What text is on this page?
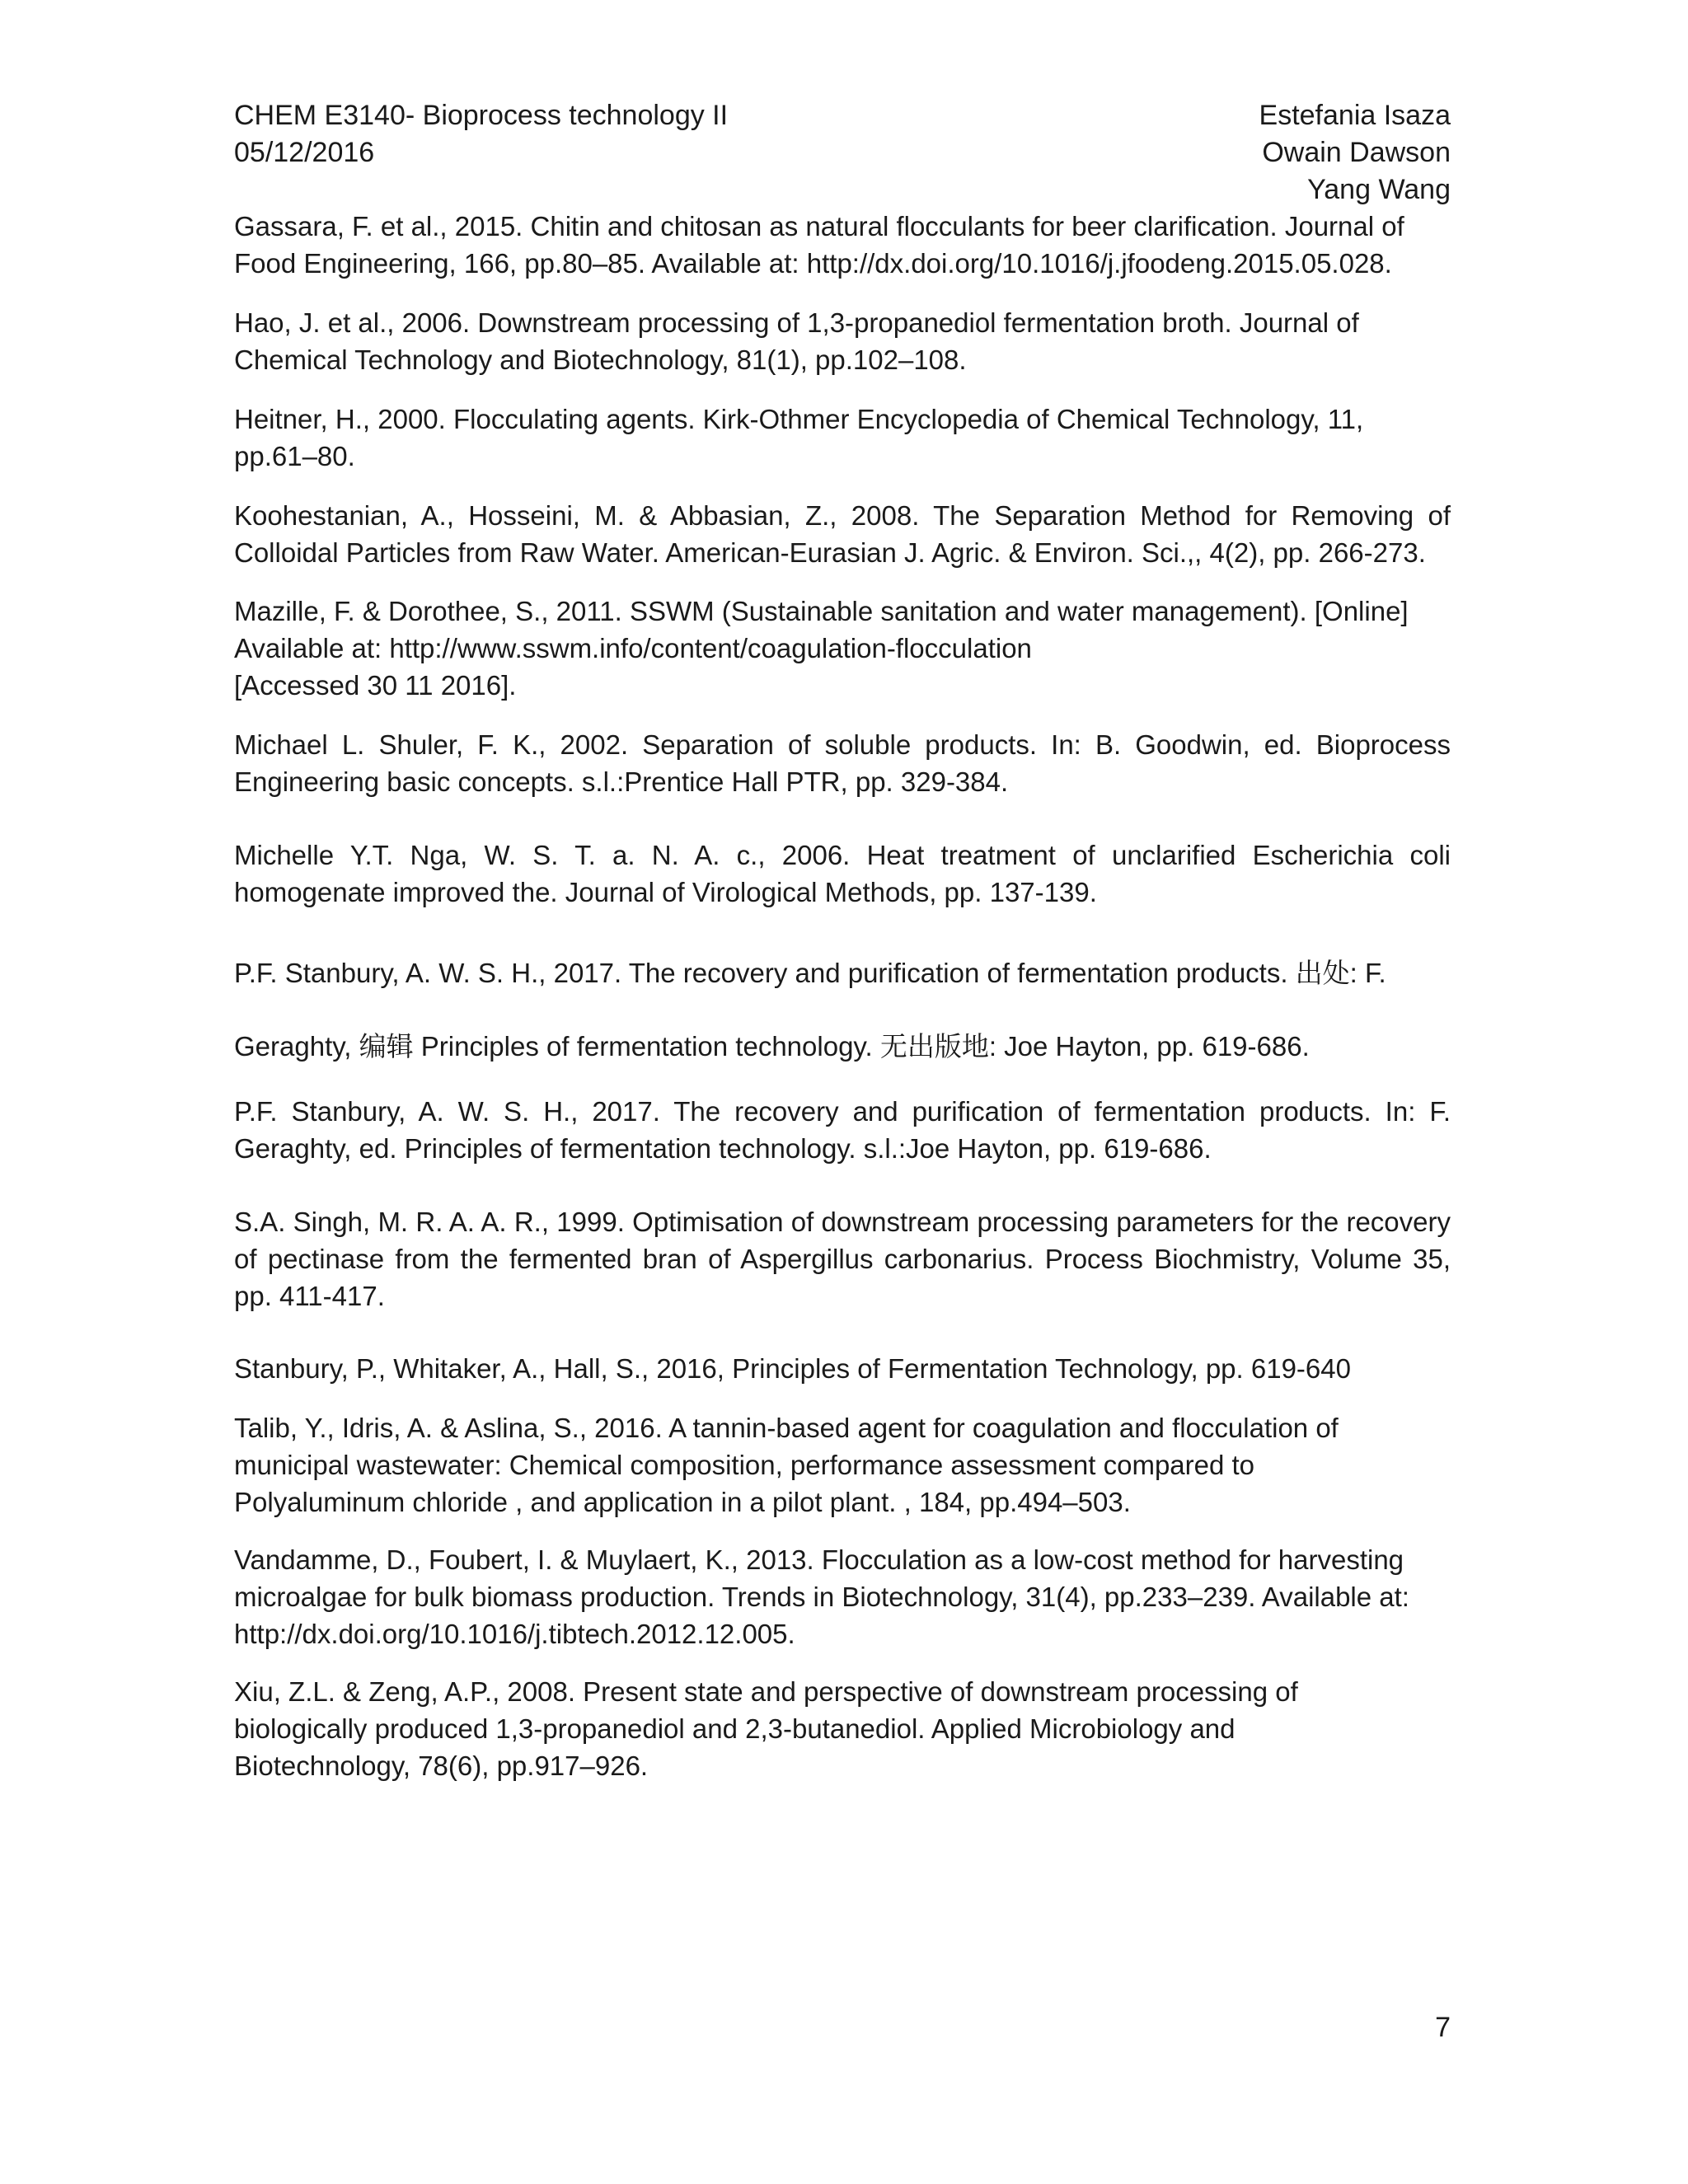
CHEM E3140- Bioprocess technology II
05/12/2016
Estefania Isaza
Owain Dawson
Yang Wang

Gassara, F. et al., 2015. Chitin and chitosan as natural flocculants for beer clarification. Journal of
Food Engineering, 166, pp.80–85. Available at: http://dx.doi.org/10.1016/j.jfoodeng.2015.05.028.

Hao, J. et al., 2006. Downstream processing of 1,3-propanediol fermentation broth. Journal of
Chemical Technology and Biotechnology, 81(1), pp.102–108.

Heitner, H., 2000. Flocculating agents. Kirk-Othmer Encyclopedia of Chemical Technology, 11,
pp.61–80.

Koohestanian, A., Hosseini, M. & Abbasian, Z., 2008. The Separation Method for Removing of
Colloidal Particles from Raw Water. American-Eurasian J. Agric. & Environ. Sci.,, 4(2), pp. 266-273.

Mazille, F. & Dorothee, S., 2011. SSWM (Sustainable sanitation and water management). [Online]
Available at: http://www.sswm.info/content/coagulation-flocculation
[Accessed 30 11 2016].

Michael L. Shuler, F. K., 2002. Separation of soluble products. In: B. Goodwin, ed. Bioprocess
Engineering basic concepts. s.l.:Prentice Hall PTR, pp. 329-384.

Michelle Y.T. Nga, W. S. T. a. N. A. c., 2006. Heat treatment of unclarified Escherichia coli
homogenate improved the. Journal of Virological Methods, pp. 137-139.

P.F. Stanbury, A. W. S. H., 2017. The recovery and purification of fermentation products. 出处: F.

Geraghty, 编辑 Principles of fermentation technology. 无出版地: Joe Hayton, pp. 619-686.

P.F. Stanbury, A. W. S. H., 2017. The recovery and purification of fermentation products. In: F.
Geraghty, ed. Principles of fermentation technology. s.l.:Joe Hayton, pp. 619-686.

S.A. Singh, M. R. A. A. R., 1999. Optimisation of downstream processing parameters for the recovery
of pectinase from the fermented bran of Aspergillus carbonarius. Process Biochmistry, Volume 35,
pp. 411-417.

Stanbury, P., Whitaker, A., Hall, S., 2016, Principles of Fermentation Technology, pp. 619-640

Talib, Y., Idris, A. & Aslina, S., 2016. A tannin-based agent for coagulation and flocculation of
municipal wastewater: Chemical composition, performance assessment compared to
Polyaluminum chloride , and application in a pilot plant. , 184, pp.494–503.

Vandamme, D., Foubert, I. & Muylaert, K., 2013. Flocculation as a low-cost method for harvesting
microalgae for bulk biomass production. Trends in Biotechnology, 31(4), pp.233–239. Available at:
http://dx.doi.org/10.1016/j.tibtech.2012.12.005.

Xiu, Z.L. & Zeng, A.P., 2008. Present state and perspective of downstream processing of
biologically produced 1,3-propanediol and 2,3-butanediol. Applied Microbiology and
Biotechnology, 78(6), pp.917–926.

7
